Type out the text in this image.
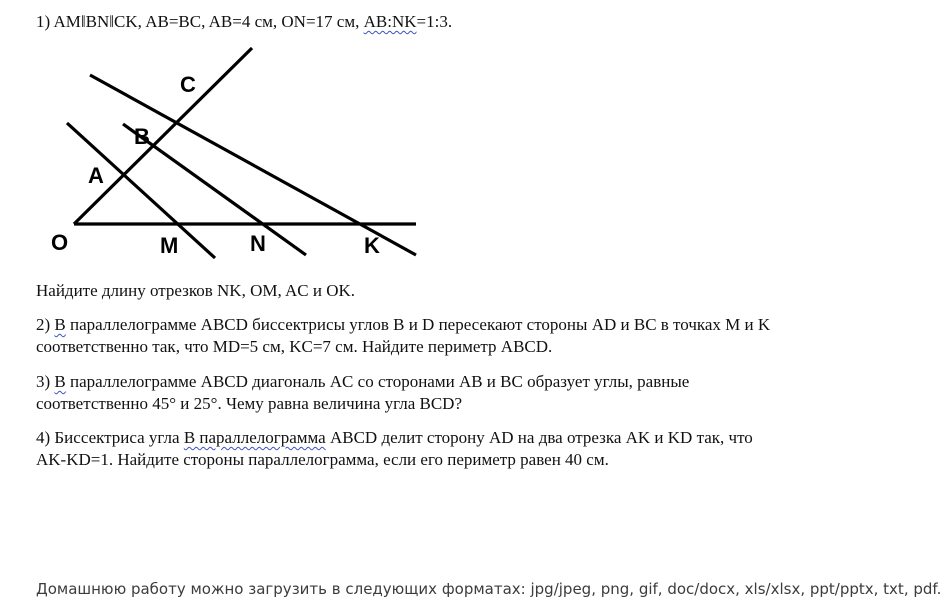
1) AM‖BN‖CK, AB=BC, AB=4 см, ON=17 см, AB:NK=1:3.
C
B
A
O	M	N	K
Найдите длину отрезков NK, OM, AC и OK.
2) В параллелограмме ABCD биссектрисы углов B и D пересекают стороны AD и BC в точках M и K
соответственно так, что MD=5 см, KC=7 см. Найдите периметр ABCD.
3) В параллелограмме ABCD диагональ AC со сторонами AB и BC образует углы, равные
соответственно 45° и 25°. Чему равна величина угла BCD?
4) Биссектриса угла В параллелограмма ABCD делит сторону AD на два отрезка AK и KD так, что
AK-KD=1. Найдите стороны параллелограмма, если его периметр равен 40 см.
Домашнюю работу можно загрузить в следующих форматах: jpg/jpeg, png, gif, doc/docx, xls/xlsx, ppt/pptx, txt, pdf.
